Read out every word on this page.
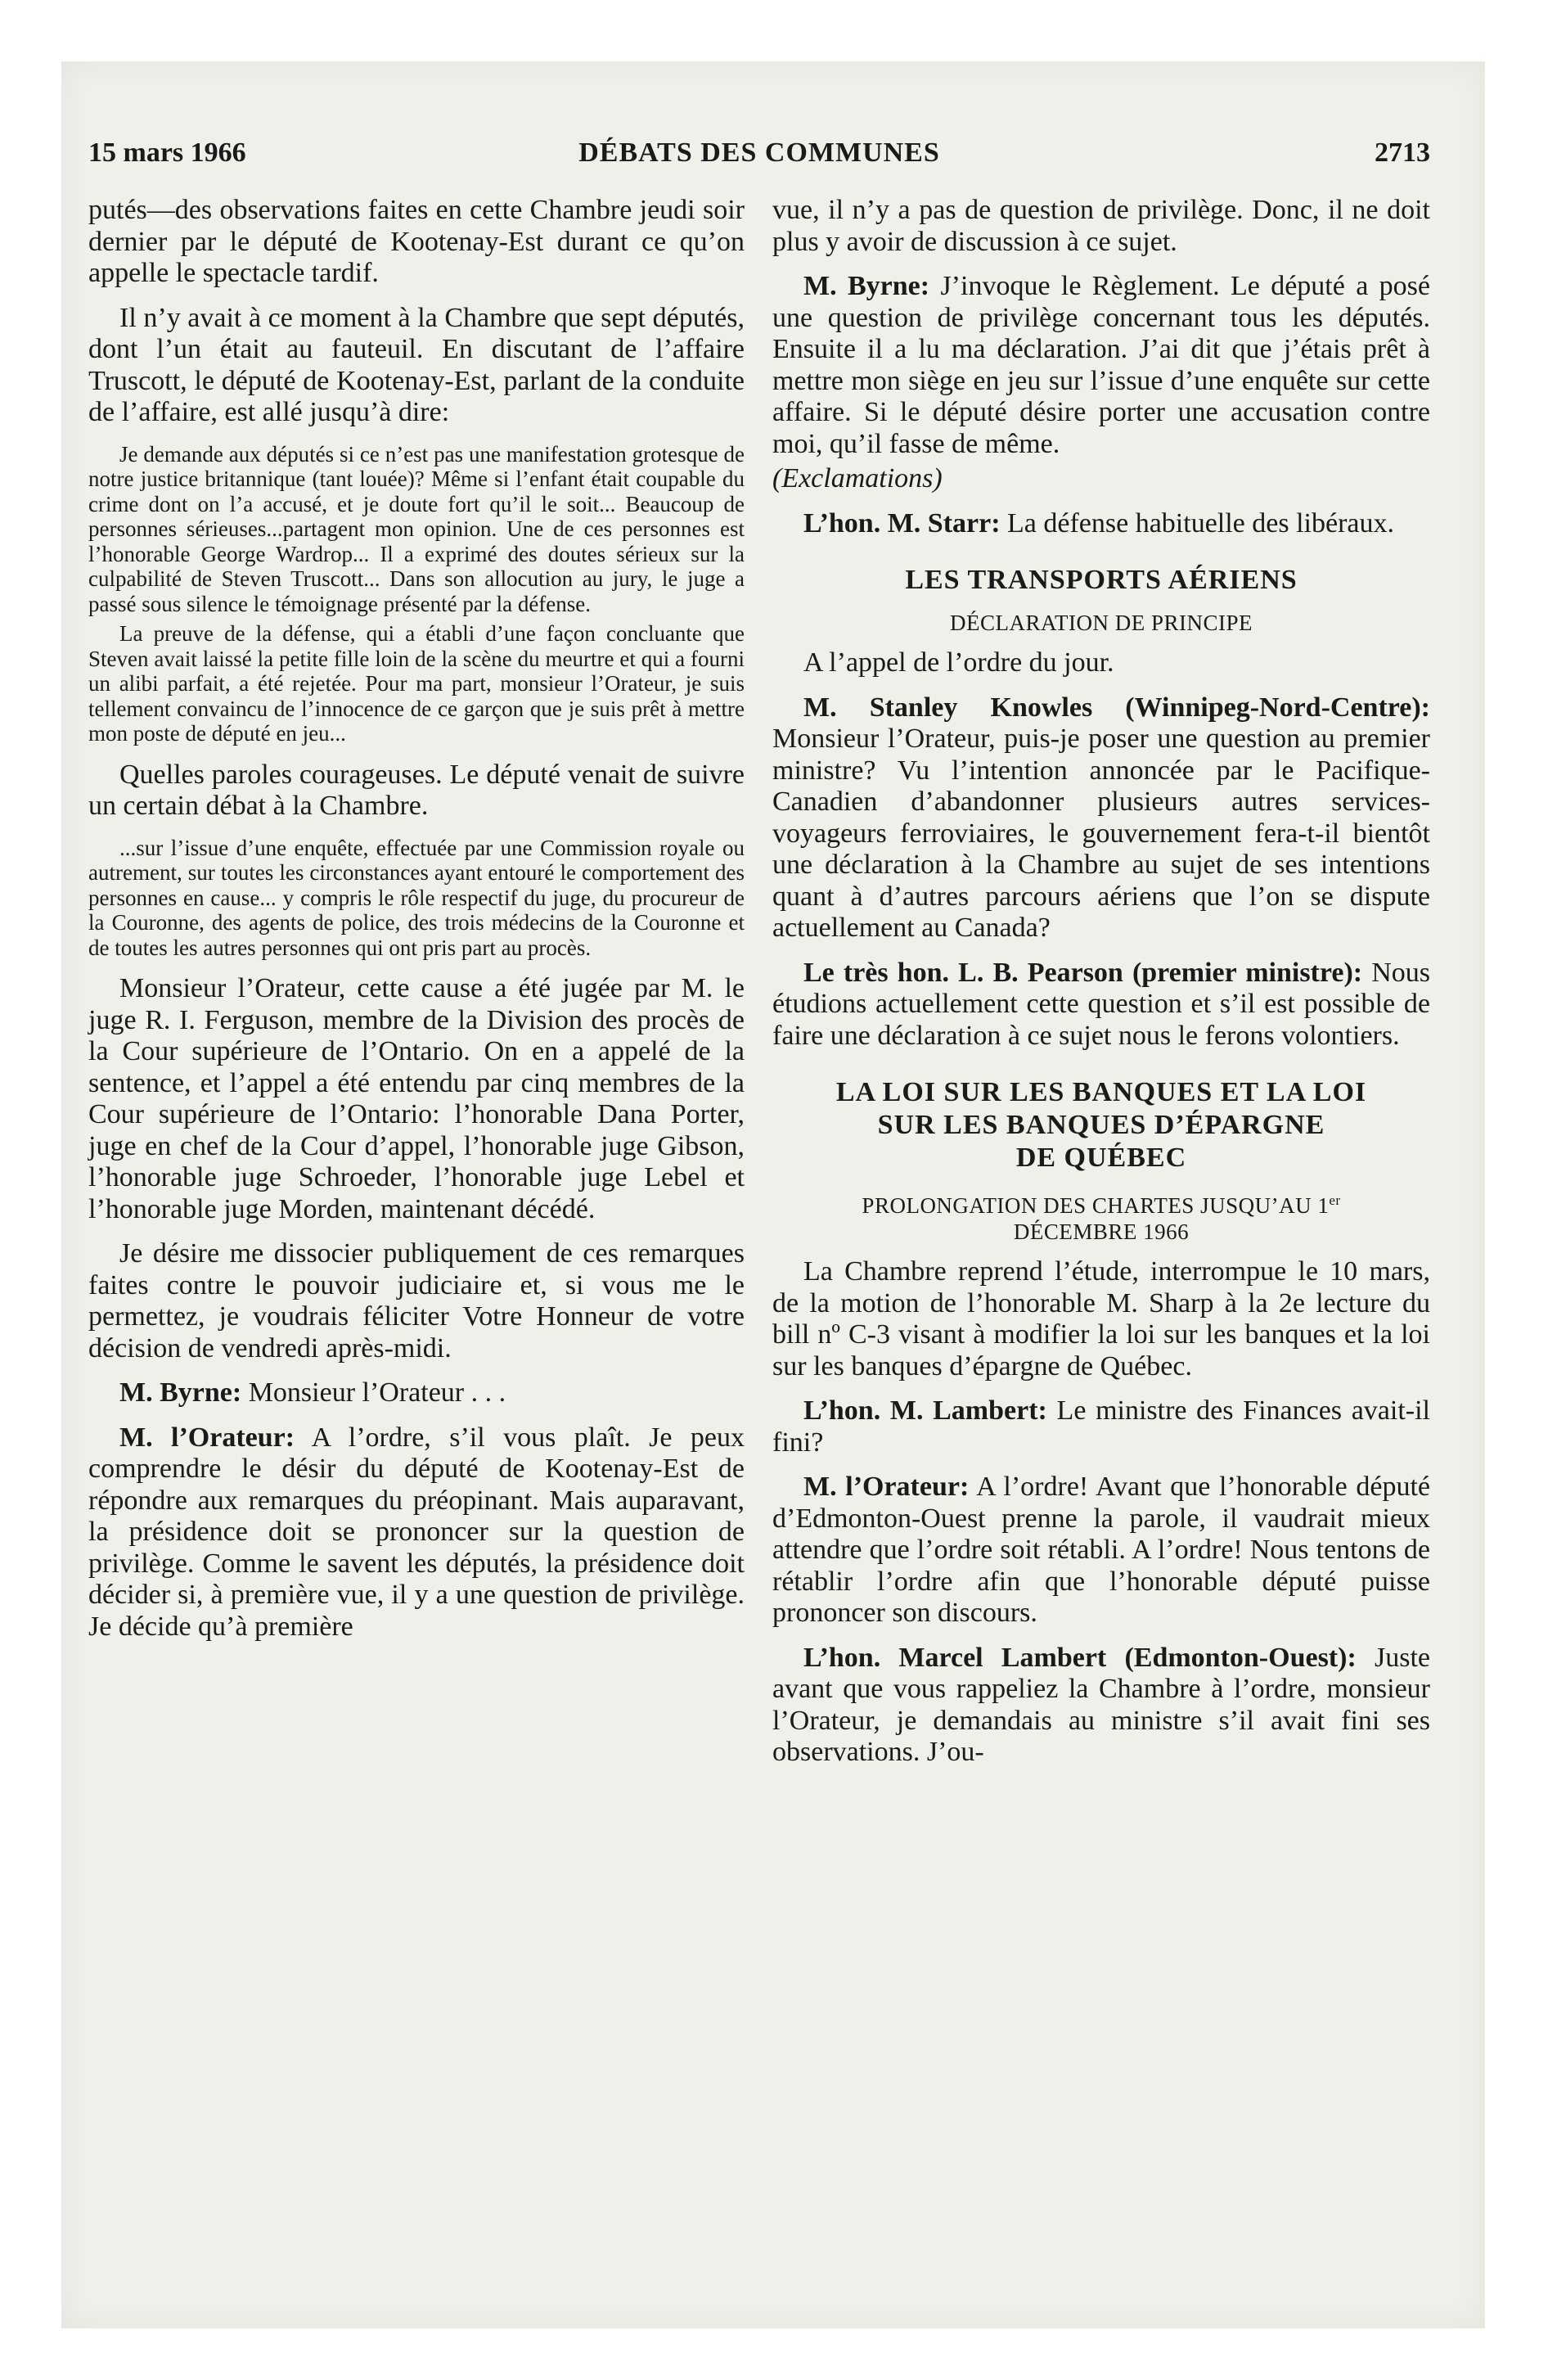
15 mars 1966	DÉBATS DES COMMUNES	2713

putés—des observations faites en cette Chambre jeudi soir dernier par le député de Kootenay-Est durant ce qu’on appelle le spectacle tardif.

Il n’y avait à ce moment à la Chambre que sept députés, dont l’un était au fauteuil. En discutant de l’affaire Truscott, le député de Kootenay-Est, parlant de la conduite de l’affaire, est allé jusqu’à dire:

Je demande aux députés si ce n’est pas une manifestation grotesque de notre justice britannique (tant louée)? Même si l’enfant était coupable du crime dont on l’a accusé, et je doute fort qu’il le soit... Beaucoup de personnes sérieuses...partagent mon opinion. Une de ces personnes est l’honorable George Wardrop... Il a exprimé des doutes sérieux sur la culpabilité de Steven Truscott... Dans son allocution au jury, le juge a passé sous silence le témoignage présenté par la défense.

La preuve de la défense, qui a établi d’une façon concluante que Steven avait laissé la petite fille loin de la scène du meurtre et qui a fourni un alibi parfait, a été rejetée. Pour ma part, monsieur l’Orateur, je suis tellement convaincu de l’innocence de ce garçon que je suis prêt à mettre mon poste de député en jeu...

Quelles paroles courageuses. Le député venait de suivre un certain débat à la Chambre.

...sur l’issue d’une enquête, effectuée par une Commission royale ou autrement, sur toutes les circonstances ayant entouré le comportement des personnes en cause... y compris le rôle respectif du juge, du procureur de la Couronne, des agents de police, des trois médecins de la Couronne et de toutes les autres personnes qui ont pris part au procès.

Monsieur l’Orateur, cette cause a été jugée par M. le juge R. I. Ferguson, membre de la Division des procès de la Cour supérieure de l’Ontario. On en a appelé de la sentence, et l’appel a été entendu par cinq membres de la Cour supérieure de l’Ontario: l’honorable Dana Porter, juge en chef de la Cour d’appel, l’honorable juge Gibson, l’honorable juge Schroeder, l’honorable juge Lebel et l’honorable juge Morden, maintenant décédé.

Je désire me dissocier publiquement de ces remarques faites contre le pouvoir judiciaire et, si vous me le permettez, je voudrais féliciter Votre Honneur de votre décision de vendredi après-midi.

M. Byrne: Monsieur l’Orateur . . .

M. l’Orateur: A l’ordre, s’il vous plaît. Je peux comprendre le désir du député de Kootenay-Est de répondre aux remarques du préopinant. Mais auparavant, la présidence doit se prononcer sur la question de privilège. Comme le savent les députés, la présidence doit décider si, à première vue, il y a une question de privilège. Je décide qu’à première

vue, il n’y a pas de question de privilège. Donc, il ne doit plus y avoir de discussion à ce sujet.

M. Byrne: J’invoque le Règlement. Le député a posé une question de privilège concernant tous les députés. Ensuite il a lu ma déclaration. J’ai dit que j’étais prêt à mettre mon siège en jeu sur l’issue d’une enquête sur cette affaire. Si le député désire porter une accusation contre moi, qu’il fasse de même.

(Exclamations)

L’hon. M. Starr: La défense habituelle des libéraux.

LES TRANSPORTS AÉRIENS
DÉCLARATION DE PRINCIPE

A l’appel de l’ordre du jour.

M. Stanley Knowles (Winnipeg-Nord-Centre): Monsieur l’Orateur, puis-je poser une question au premier ministre? Vu l’intention annoncée par le Pacifique-Canadien d’abandonner plusieurs autres services-voyageurs ferroviaires, le gouvernement fera-t-il bientôt une déclaration à la Chambre au sujet de ses intentions quant à d’autres parcours aériens que l’on se dispute actuellement au Canada?

Le très hon. L. B. Pearson (premier ministre): Nous étudions actuellement cette question et s’il est possible de faire une déclaration à ce sujet nous le ferons volontiers.

LA LOI SUR LES BANQUES ET LA LOI
SUR LES BANQUES D’ÉPARGNE
DE QUÉBEC
PROLONGATION DES CHARTES JUSQU’AU 1er
DÉCEMBRE 1966

La Chambre reprend l’étude, interrompue le 10 mars, de la motion de l’honorable M. Sharp à la 2e lecture du bill nº C-3 visant à modifier la loi sur les banques et la loi sur les banques d’épargne de Québec.

L’hon. M. Lambert: Le ministre des Finances avait-il fini?

M. l’Orateur: A l’ordre! Avant que l’honorable député d’Edmonton-Ouest prenne la parole, il vaudrait mieux attendre que l’ordre soit rétabli. A l’ordre! Nous tentons de rétablir l’ordre afin que l’honorable député puisse prononcer son discours.

L’hon. Marcel Lambert (Edmonton-Ouest): Juste avant que vous rappeliez la Chambre à l’ordre, monsieur l’Orateur, je demandais au ministre s’il avait fini ses observations. J’ou-
